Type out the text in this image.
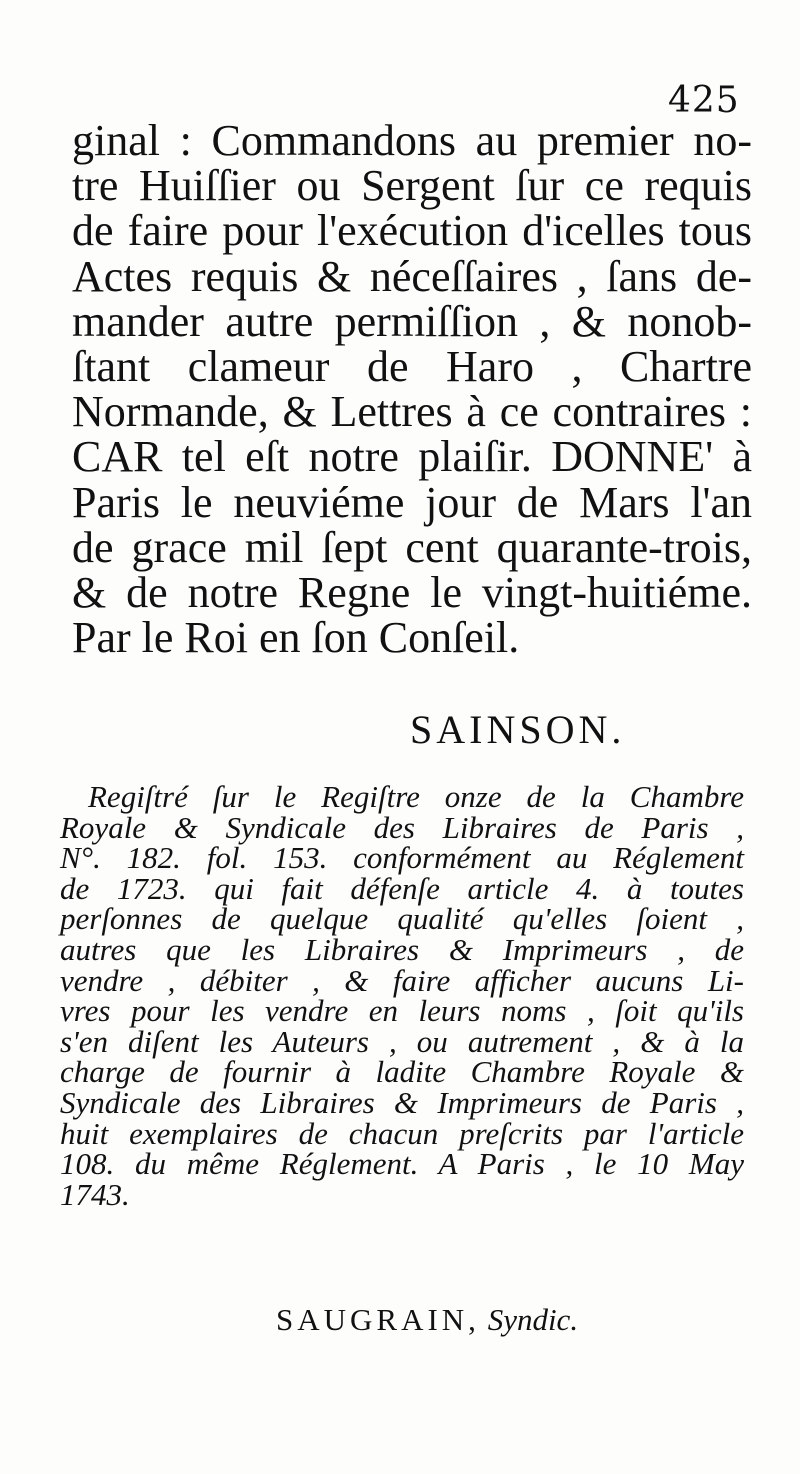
425
ginal : Commandons au premier no-
tre Huiſſier ou Sergent ſur ce requis
de faire pour l'exécution d'icelles tous
Actes requis & néceſſaires , ſans de-
mander autre permiſſion , & nonob-
ſtant clameur de Haro , Chartre
Normande, & Lettres à ce contraires :
CAR tel eſt notre plaiſir. DONNE' à
Paris le neuviéme jour de Mars l'an
de grace mil ſept cent quarante-trois,
& de notre Regne le vingt-huitiéme.
Par le Roi en ſon Conſeil.
SAINSON.
Regiſtré ſur le Regiſtre onze de la Chambre
Royale & Syndicale des Libraires de Paris ,
N°. 182. fol. 153. conformément au Réglement
de 1723. qui fait défenſe article 4. à toutes
perſonnes de quelque qualité qu'elles ſoient ,
autres que les Libraires & Imprimeurs , de
vendre , débiter , & faire afficher aucuns Li-
vres pour les vendre en leurs noms , ſoit qu'ils
s'en diſent les Auteurs , ou autrement , & à la
charge de fournir à ladite Chambre Royale &
Syndicale des Libraires & Imprimeurs de Paris ,
huit exemplaires de chacun preſcrits par l'article
108. du même Réglement. A Paris , le 10 May
1743.
SAUGRAIN, Syndic.
